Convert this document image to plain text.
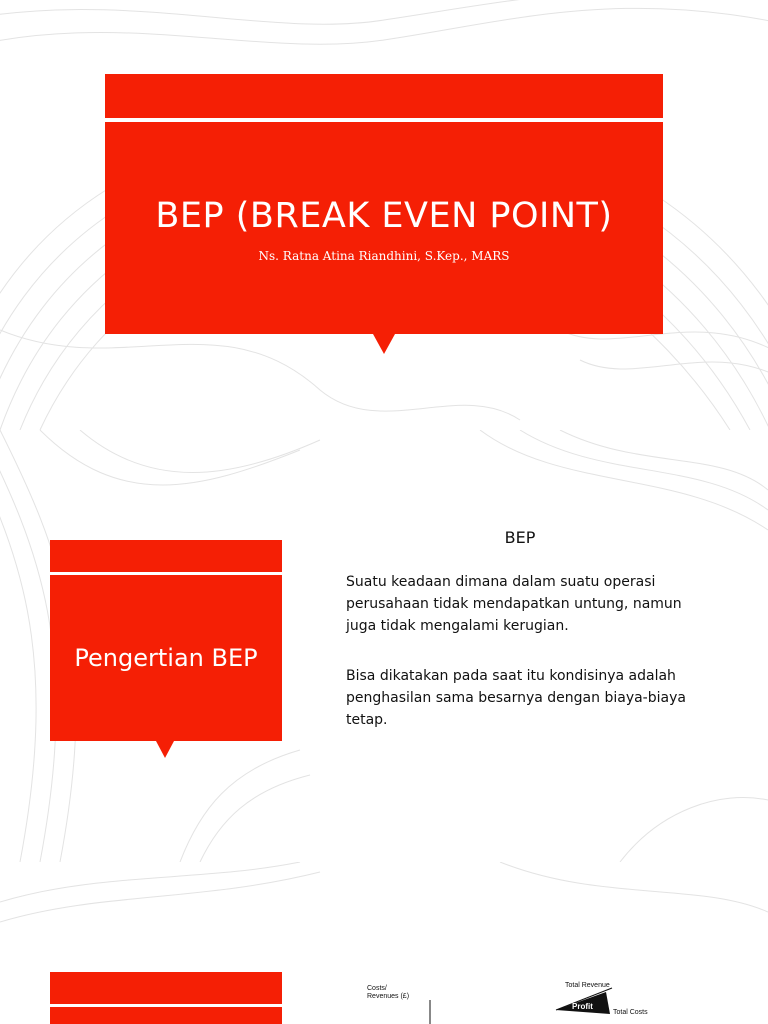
BEP (BREAK EVEN POINT)
Ns. Ratna Atina Riandhini, S.Kep., MARS
Pengertian BEP
BEP

Suatu keadaan dimana dalam suatu operasi perusahaan tidak mendapatkan untung, namun juga tidak mengalami kerugian.

Bisa dikatakan pada saat itu kondisinya adalah penghasilan sama besarnya dengan biaya-biaya tetap.

Costs/
Revenues (£)
Total Revenue
Profit
Total Costs
